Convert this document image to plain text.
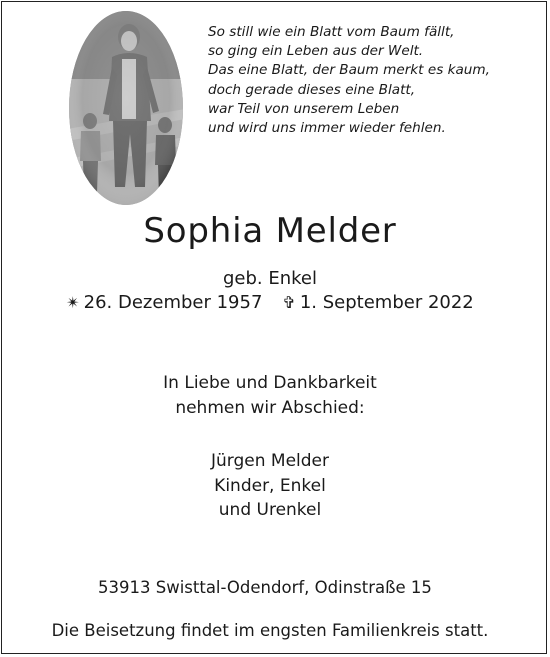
So still wie ein Blatt vom Baum fällt,
so ging ein Leben aus der Welt.
Das eine Blatt, der Baum merkt es kaum,
doch gerade dieses eine Blatt,
war Teil von unserem Leben
und wird uns immer wieder fehlen.
Sophia Melder
geb. Enkel
✴ 26. Dezember 1957 ✞ 1. September 2022
In Liebe und Dankbarkeit
nehmen wir Abschied:
Jürgen Melder
Kinder, Enkel
und Urenkel
53913 Swisttal-Odendorf, Odinstraße 15
Die Beisetzung findet im engsten Familienkreis statt.
